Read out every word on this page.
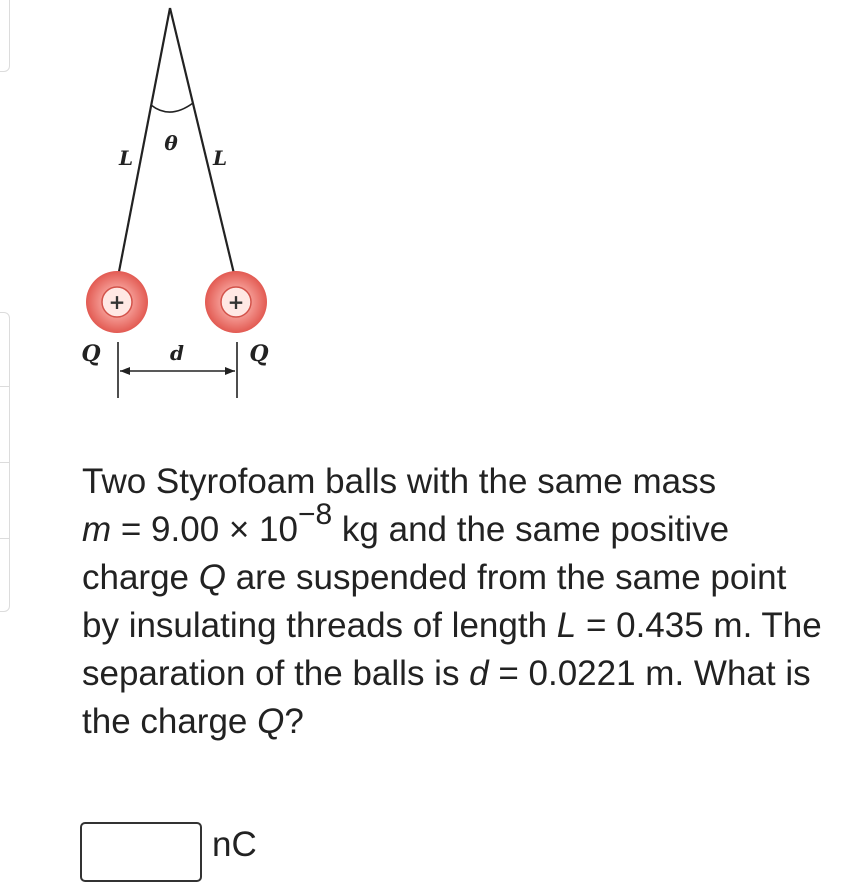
θ
L	L
+	+
Q	Q
d
Two Styrofoam balls with the same mass
$m = 9.00 \times 10^{-8}$ kg and the same positive charge Q are suspended from the same point by insulating threads of length L = 0.435 m. The separation of the balls is d = 0.0221 m. What is the charge Q?
nC
